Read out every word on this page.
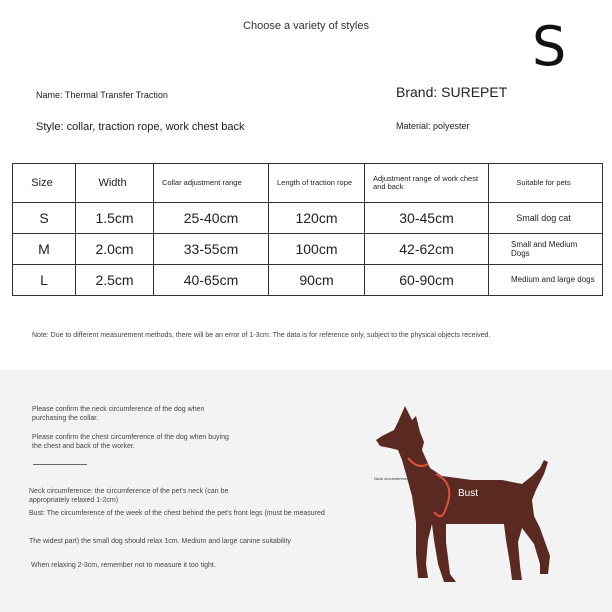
Choose a variety of styles	S
Name: Thermal Transfer Traction	Brand: SUREPET
Style: collar, traction rope, work chest back	Material: polyester
Size	Width	Collar adjustment range	Length of traction rope	Adjustment range of work chest and back	Suitable for pets
S	1.5cm	25-40cm	120cm	30-45cm	Small dog cat
M	2.0cm	33-55cm	100cm	42-62cm	Small and Medium Dogs
L	2.5cm	40-65cm	90cm	60-90cm	Medium and large dogs
Note: Due to different measurement methods, there will be an error of 1-3cm. The data is for reference only, subject to the physical objects received.
Please confirm the neck circumference of the dog when purchasing the collar.
Please confirm the chest circumference of the dog when buying the chest and back of the worker.
Neck circumference: the circumference of the pet's neck (can be appropriately relaxed 1-2cm)
Bust: The circumference of the week of the chest behind the pet's front legs (must be measured
The widest part) the small dog should relax 1cm. Medium and large canine suitability
When relaxing 2-3cm, remember not to measure it too tight.
Neck circumference
Bust
